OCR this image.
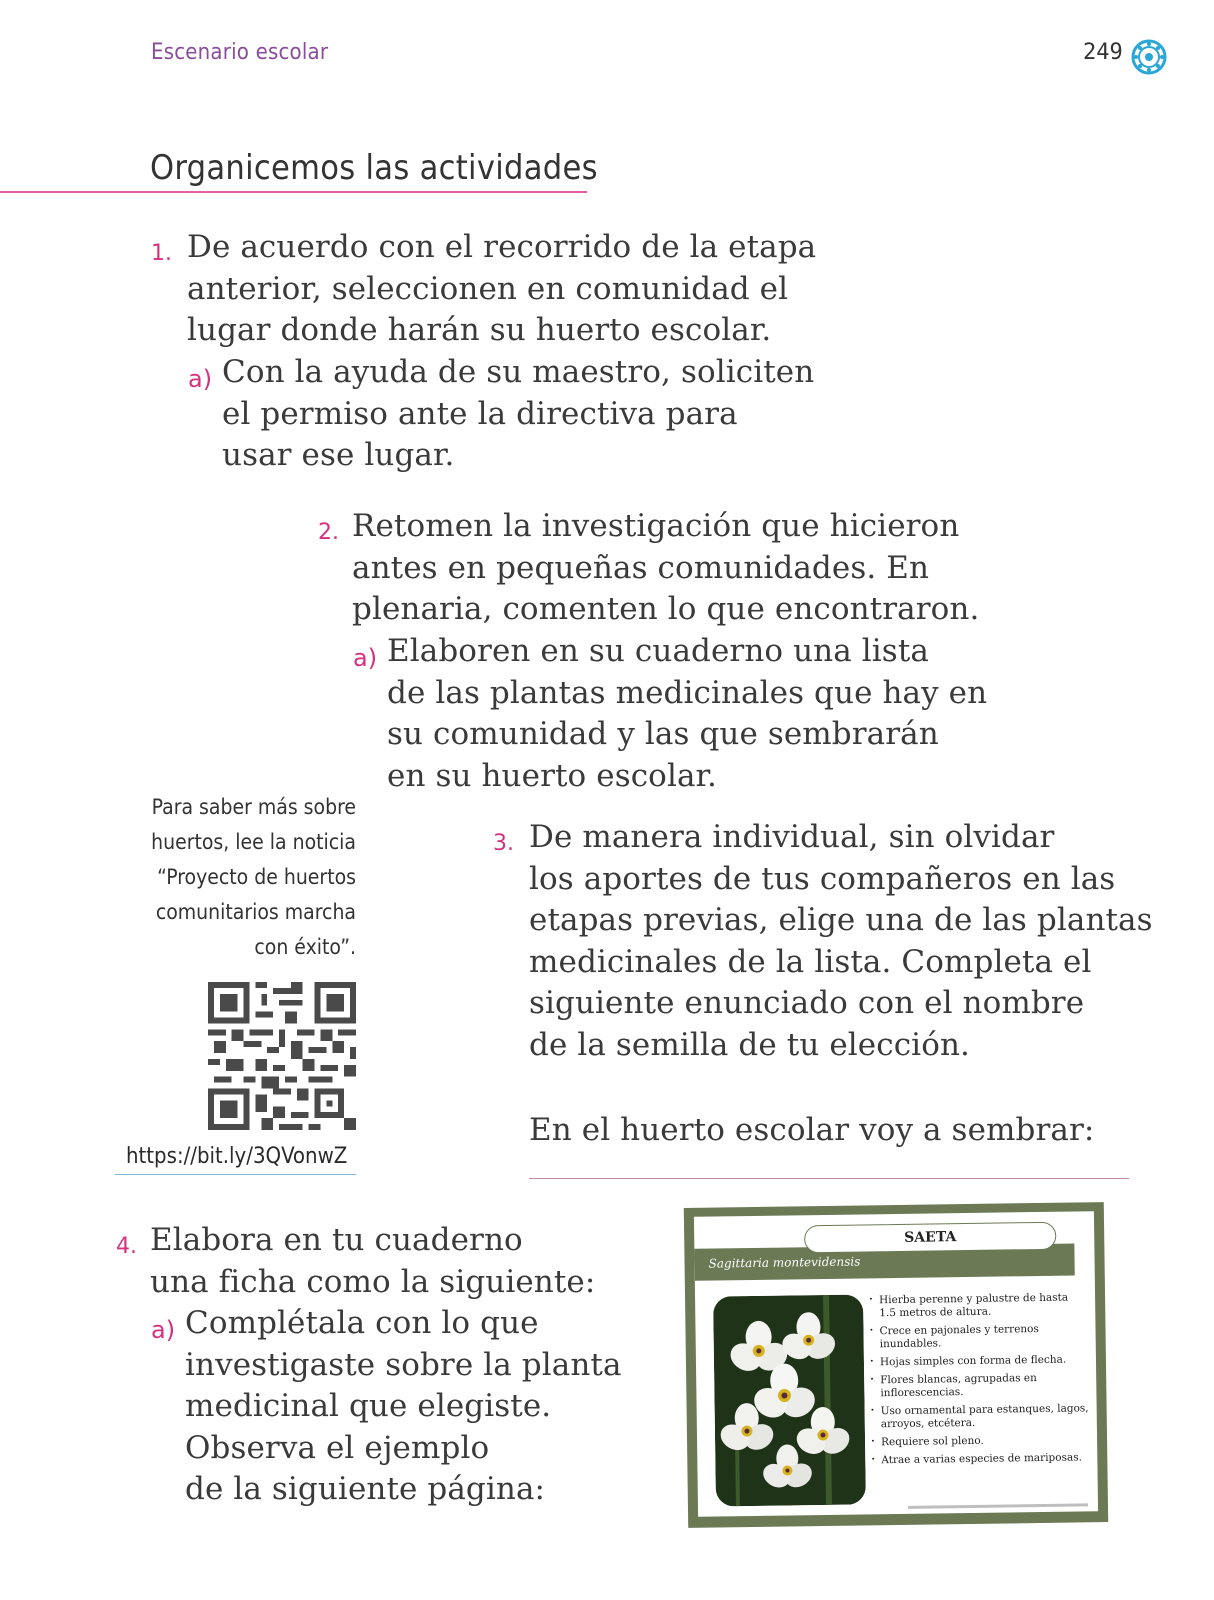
Escenario escolar	249
Organicemos las actividades
1. De acuerdo con el recorrido de la etapa
anterior, seleccionen en comunidad el
lugar donde harán su huerto escolar.
a) Con la ayuda de su maestro, soliciten
el permiso ante la directiva para
usar ese lugar.
2. Retomen la investigación que hicieron
antes en pequeñas comunidades. En
plenaria, comenten lo que encontraron.
a) Elaboren en su cuaderno una lista
de las plantas medicinales que hay en
su comunidad y las que sembrarán
en su huerto escolar.
Para saber más sobre
huertos, lee la noticia
“Proyecto de huertos
comunitarios marcha
con éxito”.
https://bit.ly/3QVonwZ
3. De manera individual, sin olvidar
los aportes de tus compañeros en las
etapas previas, elige una de las plantas
medicinales de la lista. Completa el
siguiente enunciado con el nombre
de la semilla de tu elección.
En el huerto escolar voy a sembrar:
4. Elabora en tu cuaderno
una ficha como la siguiente:
a) Complétala con lo que
investigaste sobre la planta
medicinal que elegiste.
Observa el ejemplo
de la siguiente página:
Sagittaria montevidensis
SAETA
· Hierba perenne y palustre de hasta 1.5 metros de altura.
· Crece en pajonales y terrenos inundables.
· Hojas simples con forma de flecha.
· Flores blancas, agrupadas en inflorescencias.
· Uso ornamental para estanques, lagos, arroyos, etcétera.
· Requiere sol pleno.
· Atrae a varias especies de mariposas.
